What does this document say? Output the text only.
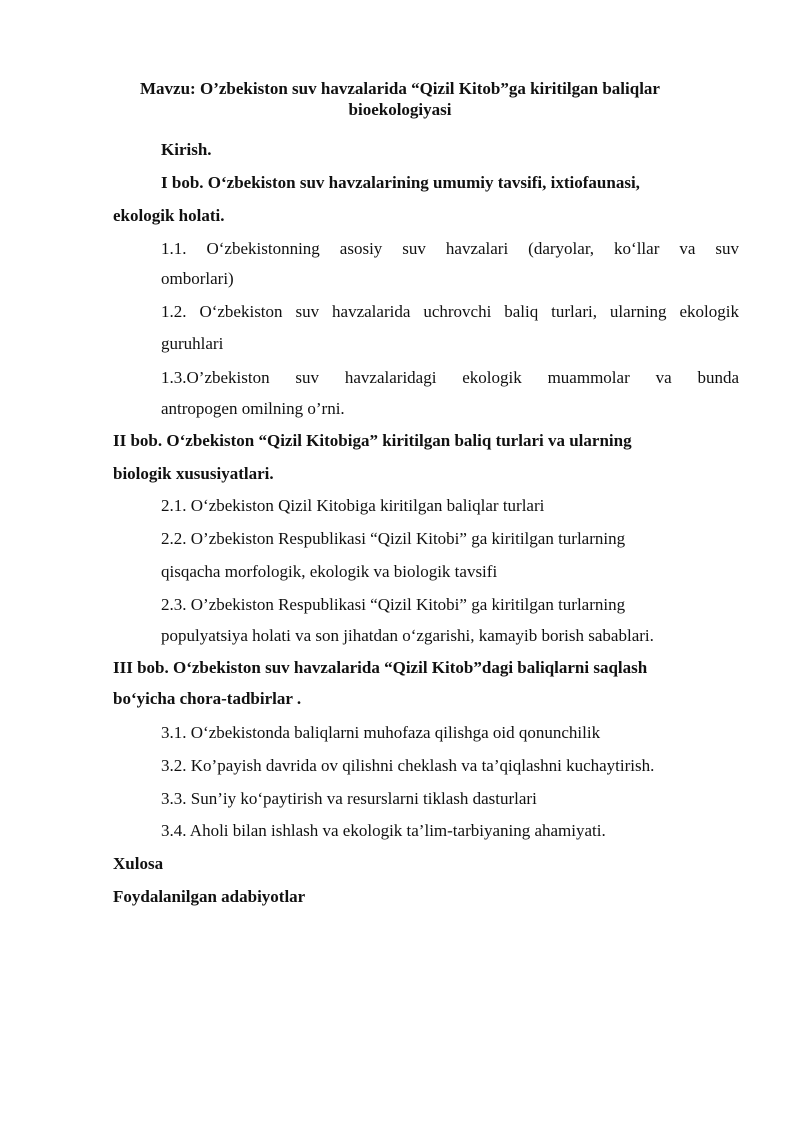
Mavzu: O’zbekiston suv havzalarida “Qizil Kitob”ga kiritilgan baliqlar
bioekologiyasi
Kirish.
I bob. O‘zbekiston suv havzalarining umumiy tavsifi, ixtiofaunasi,
ekologik holati.
1.1. O‘zbekistonning asosiy suv havzalari (daryolar, ko‘llar va suv
omborlari)
1.2. O‘zbekiston suv havzalarida uchrovchi baliq turlari, ularning ekologik
guruhlari
1.3.O’zbekiston suv havzalaridagi ekologik muammolar va bunda
antropogen omilning o’rni.
II bob. O‘zbekiston “Qizil Kitobiga” kiritilgan baliq turlari va ularning
biologik xususiyatlari.
2.1. O‘zbekiston Qizil Kitobiga kiritilgan baliqlar turlari
2.2. O’zbekiston Respublikasi “Qizil Kitobi” ga kiritilgan turlarning
qisqacha morfologik, ekologik va biologik tavsifi
2.3. O’zbekiston Respublikasi “Qizil Kitobi” ga kiritilgan turlarning
populyatsiya holati va son jihatdan o‘zgarishi, kamayib borish sabablari.
III bob. O‘zbekiston suv havzalarida “Qizil Kitob”dagi baliqlarni saqlash
bo‘yicha chora-tadbirlar .
3.1. O‘zbekistonda baliqlarni muhofaza qilishga oid qonunchilik
3.2. Ko’payish davrida ov qilishni cheklash va ta’qiqlashni kuchaytirish.
3.3. Sun’iy ko‘paytirish va resurslarni tiklash dasturlari
3.4. Aholi bilan ishlash va ekologik ta’lim-tarbiyaning ahamiyati.
Xulosa
Foydalanilgan adabiyotlar
